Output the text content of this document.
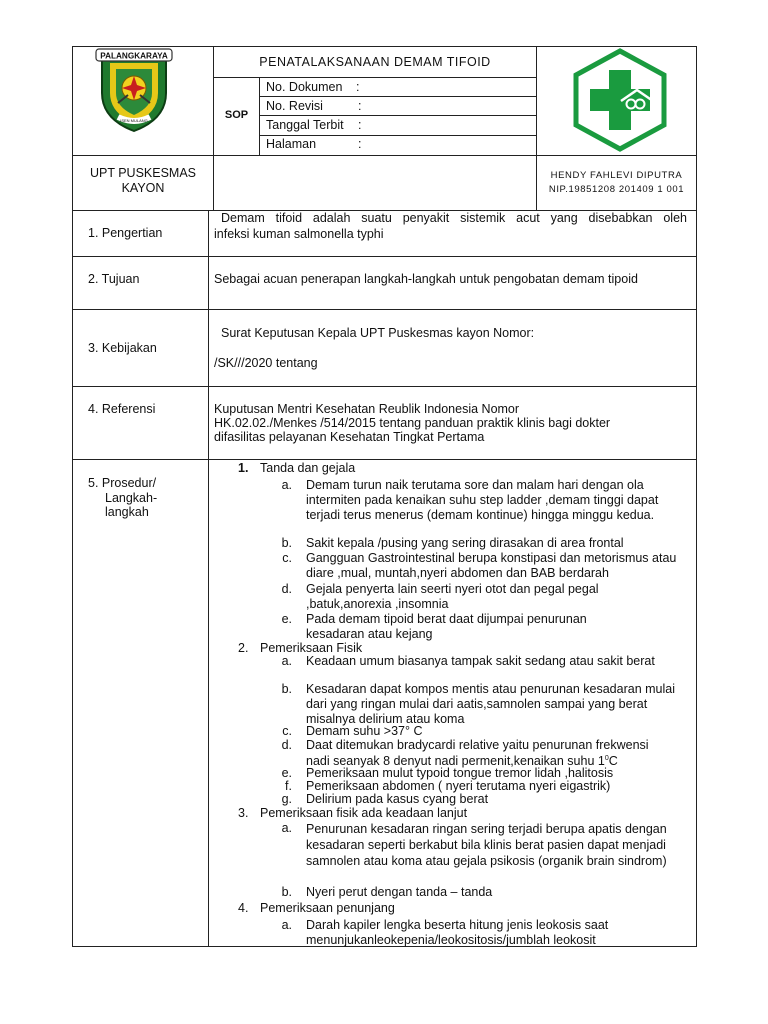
PALANGKARAYA
ISEN MULANG
PENATALAKSANAAN DEMAM TIFOID
SOP
No. Dokumen :
No. Revisi	:
Tanggal Terbit :
Halaman	:
UPT PUSKESMAS
KAYON
HENDY FAHLEVI DIPUTRA
NIP.19851208 201409 1 001
1. Pengertian
Demam tifoid adalah suatu penyakit sistemik acut yang disebabkan oleh
infeksi kuman salmonella typhi
2. Tujuan	Sebagai acuan penerapan langkah-langkah untuk pengobatan demam tipoid
3. Kebijakan
Surat Keputusan Kepala UPT Puskesmas kayon Nomor:
/SK///2020 tentang
4. Referensi	Kuputusan Mentri Kesehatan Reublik Indonesia Nomor
HK.02.02./Menkes /514/2015 tentang panduan praktik klinis bagi dokter
difasilitas pelayanan Kesehatan Tingkat Pertama
5. Prosedur/
Langkah-
langkah
1. Tanda dan gejala
a. Demam turun naik terutama sore dan malam hari dengan ola intermiten pada kenaikan suhu step ladder ,demam tinggi dapat terjadi terus menerus (demam kontinue) hingga minggu kedua.
b. Sakit kepala /pusing yang sering dirasakan di area frontal
c. Gangguan Gastrointestinal berupa konstipasi dan metorismus atau diare ,mual, muntah,nyeri abdomen dan BAB berdarah
d. Gejala penyerta lain seerti nyeri otot dan pegal pegal ,batuk,anorexia ,insomnia
e. Pada demam tipoid berat daat dijumpai penurunan kesadaran atau kejang
2. Pemeriksaan Fisik
a. Keadaan umum biasanya tampak sakit sedang atau sakit berat
b. Kesadaran dapat kompos mentis atau penurunan kesadaran mulai dari yang ringan mulai dari aatis,samnolen sampai yang berat misalnya delirium atau koma
c. Demam suhu >37° C
d. Daat ditemukan bradycardi relative yaitu penurunan frekwensi
nadi seanyak 8 denyut nadi permenit,kenaikan suhu $1^0C$
e. Pemeriksaan mulut typoid tongue tremor lidah ,halitosis
f. Pemeriksaan abdomen ( nyeri terutama nyeri eigastrik)
g. Delirium pada kasus cyang berat
3. Pemeriksaan fisik ada keadaan lanjut
a. Penurunan kesadaran ringan sering terjadi berupa apatis dengan kesadaran seperti berkabut bila klinis berat pasien dapat menjadi samnolen atau koma atau gejala psikosis (organik brain sindrom)
b. Nyeri perut dengan tanda – tanda
4. Pemeriksaan penunjang
a. Darah kapiler lengka beserta hitung jenis leokosis saat menunjukanleokepenia/leokositosis/jumblah leokosit
